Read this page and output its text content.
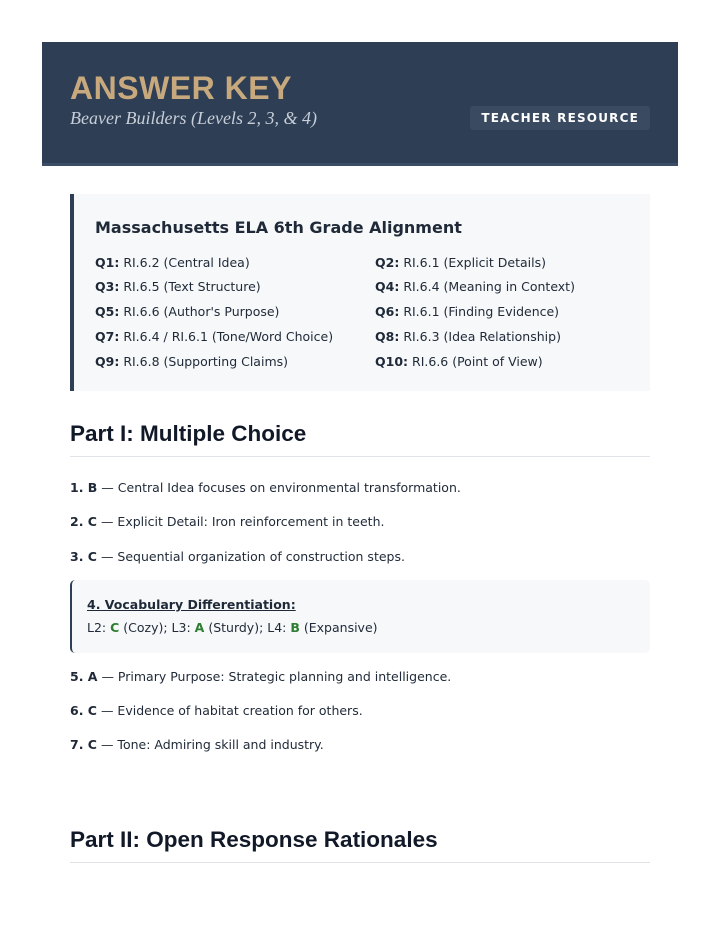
ANSWER KEY
Beaver Builders (Levels 2, 3, & 4)	TEACHER RESOURCE
Massachusetts ELA 6th Grade Alignment
Q1: RI.6.2 (Central Idea)	Q2: RI.6.1 (Explicit Details)
Q3: RI.6.5 (Text Structure)	Q4: RI.6.4 (Meaning in Context)
Q5: RI.6.6 (Author's Purpose)	Q6: RI.6.1 (Finding Evidence)
Q7: RI.6.4 / RI.6.1 (Tone/Word Choice)	Q8: RI.6.3 (Idea Relationship)
Q9: RI.6.8 (Supporting Claims)	Q10: RI.6.6 (Point of View)
Part I: Multiple Choice
1. B — Central Idea focuses on environmental transformation.
2. C — Explicit Detail: Iron reinforcement in teeth.
3. C — Sequential organization of construction steps.
4. Vocabulary Differentiation:
L2: C (Cozy); L3: A (Sturdy); L4: B (Expansive)
5. A — Primary Purpose: Strategic planning and intelligence.
6. C — Evidence of habitat creation for others.
7. C — Tone: Admiring skill and industry.
Part II: Open Response Rationales
